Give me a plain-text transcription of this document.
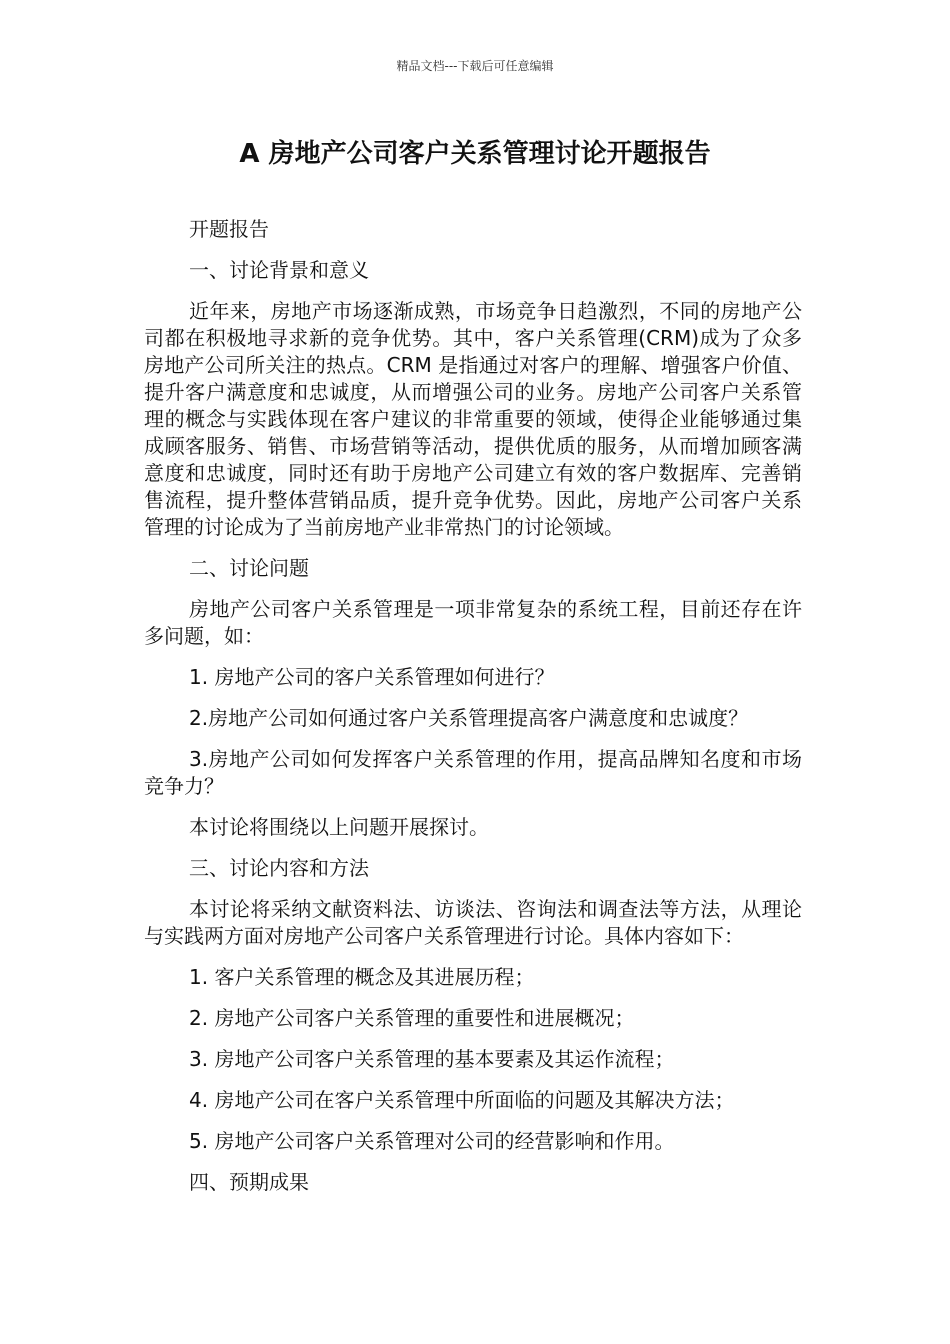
精品文档---下载后可任意编辑
A 房地产公司客户关系管理讨论开题报告

开题报告

一、讨论背景和意义

近年来，房地产市场逐渐成熟，市场竞争日趋激烈，不同的房地产公司都在积极地寻求新的竞争优势。其中，客户关系管理(CRM)成为了众多房地产公司所关注的热点。CRM 是指通过对客户的理解、增强客户价值、提升客户满意度和忠诚度，从而增强公司的业务。房地产公司客户关系管理的概念与实践体现在客户建议的非常重要的领域，使得企业能够通过集成顾客服务、销售、市场营销等活动，提供优质的服务，从而增加顾客满意度和忠诚度，同时还有助于房地产公司建立有效的客户数据库、完善销售流程，提升整体营销品质，提升竞争优势。因此，房地产公司客户关系管理的讨论成为了当前房地产业非常热门的讨论领域。

二、讨论问题

房地产公司客户关系管理是一项非常复杂的系统工程，目前还存在许多问题，如：

1. 房地产公司的客户关系管理如何进行？

2.房地产公司如何通过客户关系管理提高客户满意度和忠诚度？

3.房地产公司如何发挥客户关系管理的作用，提高品牌知名度和市场竞争力？

本讨论将围绕以上问题开展探讨。

三、讨论内容和方法

本讨论将采纳文献资料法、访谈法、咨询法和调查法等方法，从理论与实践两方面对房地产公司客户关系管理进行讨论。具体内容如下：

1. 客户关系管理的概念及其进展历程；

2. 房地产公司客户关系管理的重要性和进展概况；

3. 房地产公司客户关系管理的基本要素及其运作流程；

4. 房地产公司在客户关系管理中所面临的问题及其解决方法；

5. 房地产公司客户关系管理对公司的经营影响和作用。

四、预期成果
